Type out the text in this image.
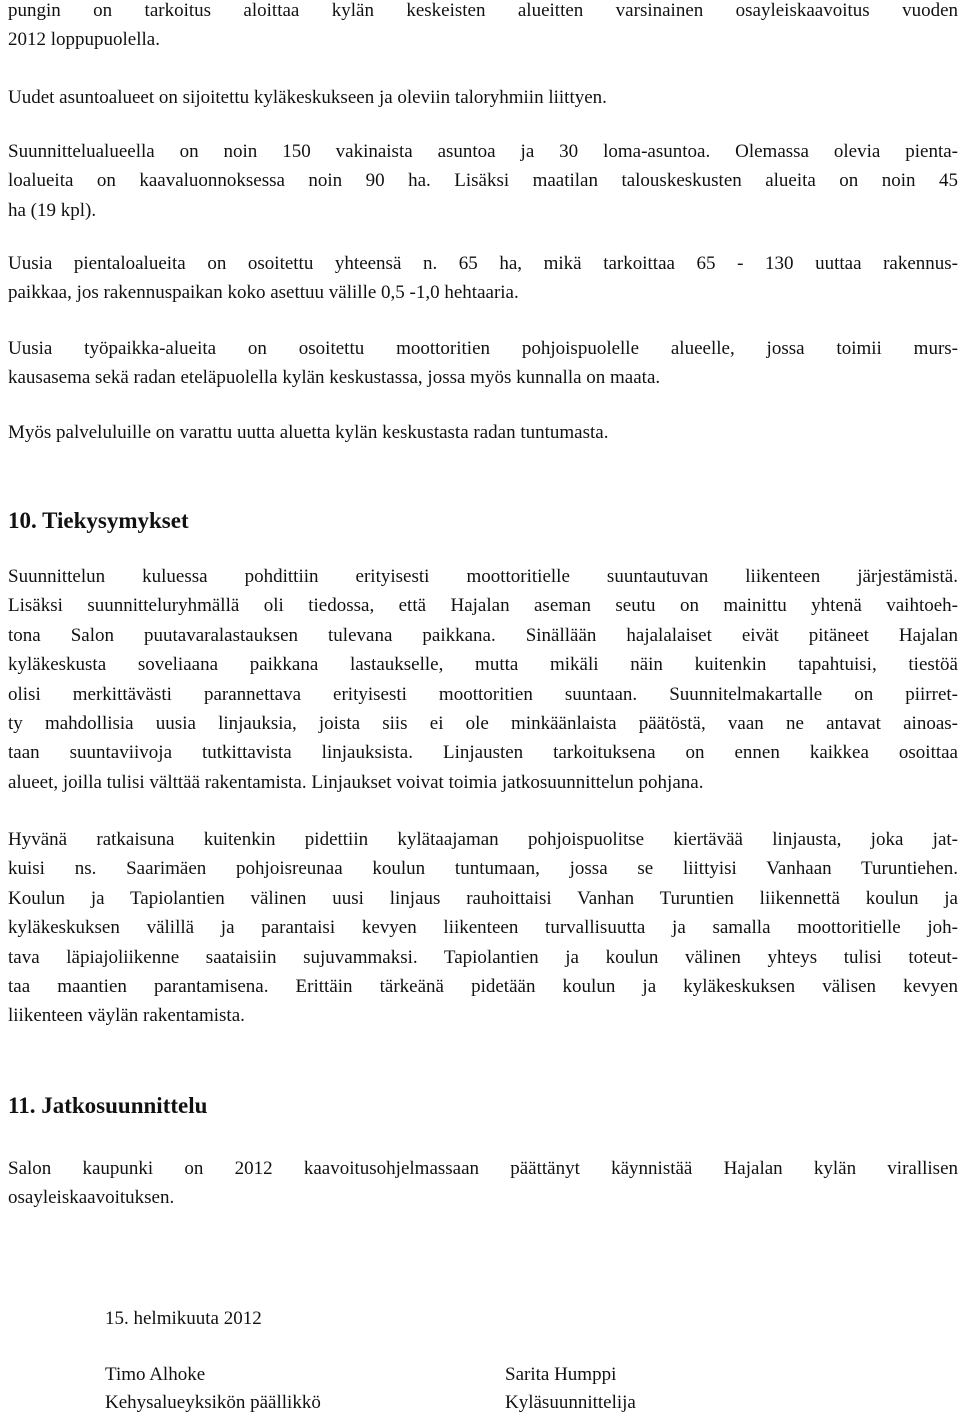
pungin on tarkoitus aloittaa kylän keskeisten alueitten varsinainen osayleiskaavoitus vuoden
2012 loppupuolella.

Uudet asuntoalueet on sijoitettu kyläkeskukseen ja oleviin taloryhmiin liittyen.

Suunnittelualueella on noin 150 vakinaista asuntoa ja 30 loma-asuntoa. Olemassa olevia pienta-
loalueita on kaavaluonnoksessa noin 90 ha. Lisäksi maatilan talouskeskusten alueita on noin 45
ha (19 kpl).

Uusia pientaloalueita on osoitettu yhteensä n. 65 ha, mikä tarkoittaa 65 - 130 uuttaa rakennus-
paikkaa, jos rakennuspaikan koko asettuu välille 0,5 -1,0 hehtaaria.

Uusia työpaikka-alueita on osoitettu moottoritien pohjoispuolelle alueelle, jossa toimii murs-
kausasema sekä radan eteläpuolella kylän keskustassa, jossa myös kunnalla on maata.

Myös palveluluille on varattu uutta aluetta kylän keskustasta radan tuntumasta.

10. Tiekysymykset

Suunnittelun kuluessa pohdittiin erityisesti moottoritielle suuntautuvan liikenteen järjestämistä.
Lisäksi suunnitteluryhmällä oli tiedossa, että Hajalan aseman seutu on mainittu yhtenä vaihtoeh-
tona Salon puutavaralastauksen tulevana paikkana. Sinällään hajalalaiset eivät pitäneet Hajalan
kyläkeskusta soveliaana paikkana lastaukselle, mutta mikäli näin kuitenkin tapahtuisi, tiestöä
olisi merkittävästi parannettava erityisesti moottoritien suuntaan. Suunnitelmakartalle on piirret-
ty mahdollisia uusia linjauksia, joista siis ei ole minkäänlaista päätöstä, vaan ne antavat ainoas-
taan suuntaviivoja tutkittavista linjauksista. Linjausten tarkoituksena on ennen kaikkea osoittaa
alueet, joilla tulisi välttää rakentamista. Linjaukset voivat toimia jatkosuunnittelun pohjana.

Hyvänä ratkaisuna kuitenkin pidettiin kylätaajaman pohjoispuolitse kiertävää linjausta, joka jat-
kuisi ns. Saarimäen pohjoisreunaa koulun tuntumaan, jossa se liittyisi Vanhaan Turuntiehen.
Koulun ja Tapiolantien välinen uusi linjaus rauhoittaisi Vanhan Turuntien liikennettä koulun ja
kyläkeskuksen välillä ja parantaisi kevyen liikenteen turvallisuutta ja samalla moottoritielle joh-
tava läpiajoliikenne saataisiin sujuvammaksi. Tapiolantien ja koulun välinen yhteys tulisi toteut-
taa maantien parantamisena. Erittäin tärkeänä pidetään koulun ja kyläkeskuksen välisen kevyen
liikenteen väylän rakentamista.

11. Jatkosuunnittelu

Salon kaupunki on 2012 kaavoitusohjelmassaan päättänyt käynnistää Hajalan kylän virallisen
osayleiskaavoituksen.

15. helmikuuta 2012

Timo Alhoke

Kehysalueyksikön päällikkö

Sarita Humppi

Kyläsuunnittelija
